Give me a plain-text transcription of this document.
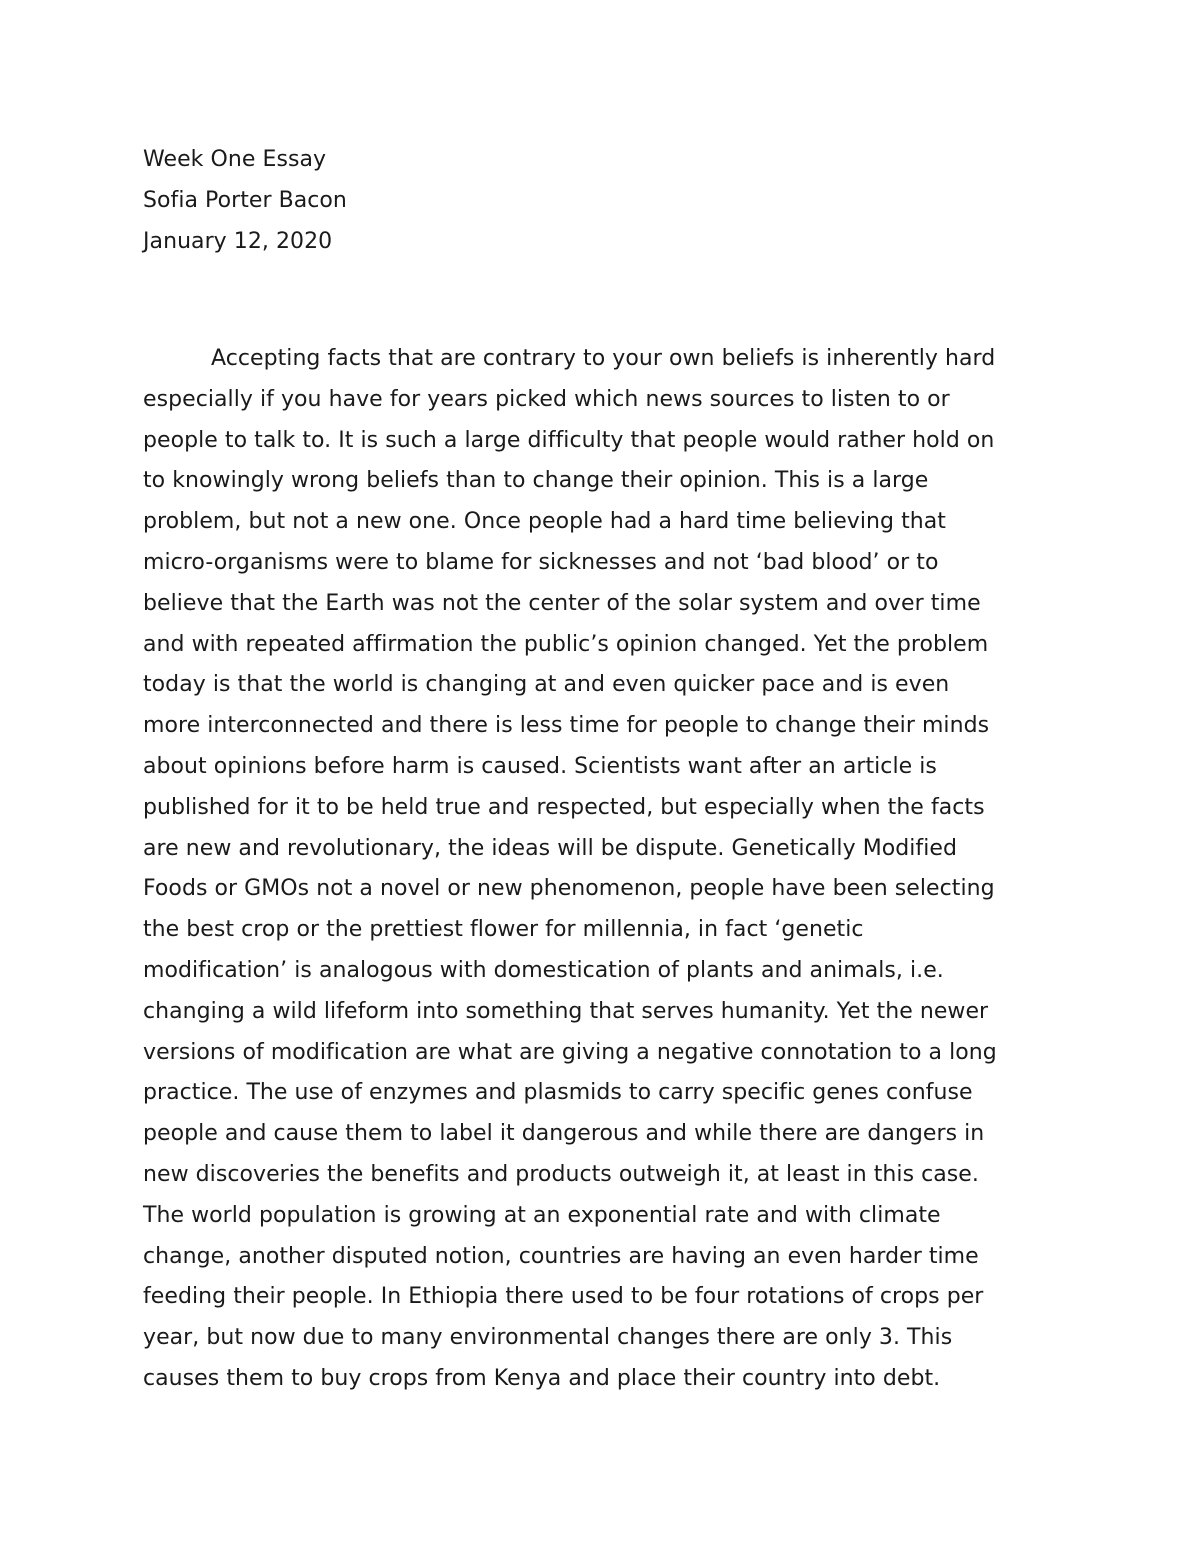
Week One Essay
Sofia Porter Bacon
January 12, 2020
Accepting facts that are contrary to your own beliefs is inherently hard
especially if you have for years picked which news sources to listen to or
people to talk to. It is such a large difficulty that people would rather hold on
to knowingly wrong beliefs than to change their opinion. This is a large
problem, but not a new one. Once people had a hard time believing that
micro-organisms were to blame for sicknesses and not ‘bad blood’ or to
believe that the Earth was not the center of the solar system and over time
and with repeated affirmation the public’s opinion changed. Yet the problem
today is that the world is changing at and even quicker pace and is even
more interconnected and there is less time for people to change their minds
about opinions before harm is caused. Scientists want after an article is
published for it to be held true and respected, but especially when the facts
are new and revolutionary, the ideas will be dispute. Genetically Modified
Foods or GMOs not a novel or new phenomenon, people have been selecting
the best crop or the prettiest flower for millennia, in fact ‘genetic
modification’ is analogous with domestication of plants and animals, i.e.
changing a wild lifeform into something that serves humanity. Yet the newer
versions of modification are what are giving a negative connotation to a long
practice. The use of enzymes and plasmids to carry specific genes confuse
people and cause them to label it dangerous and while there are dangers in
new discoveries the benefits and products outweigh it, at least in this case.
The world population is growing at an exponential rate and with climate
change, another disputed notion, countries are having an even harder time
feeding their people. In Ethiopia there used to be four rotations of crops per
year, but now due to many environmental changes there are only 3. This
causes them to buy crops from Kenya and place their country into debt.
